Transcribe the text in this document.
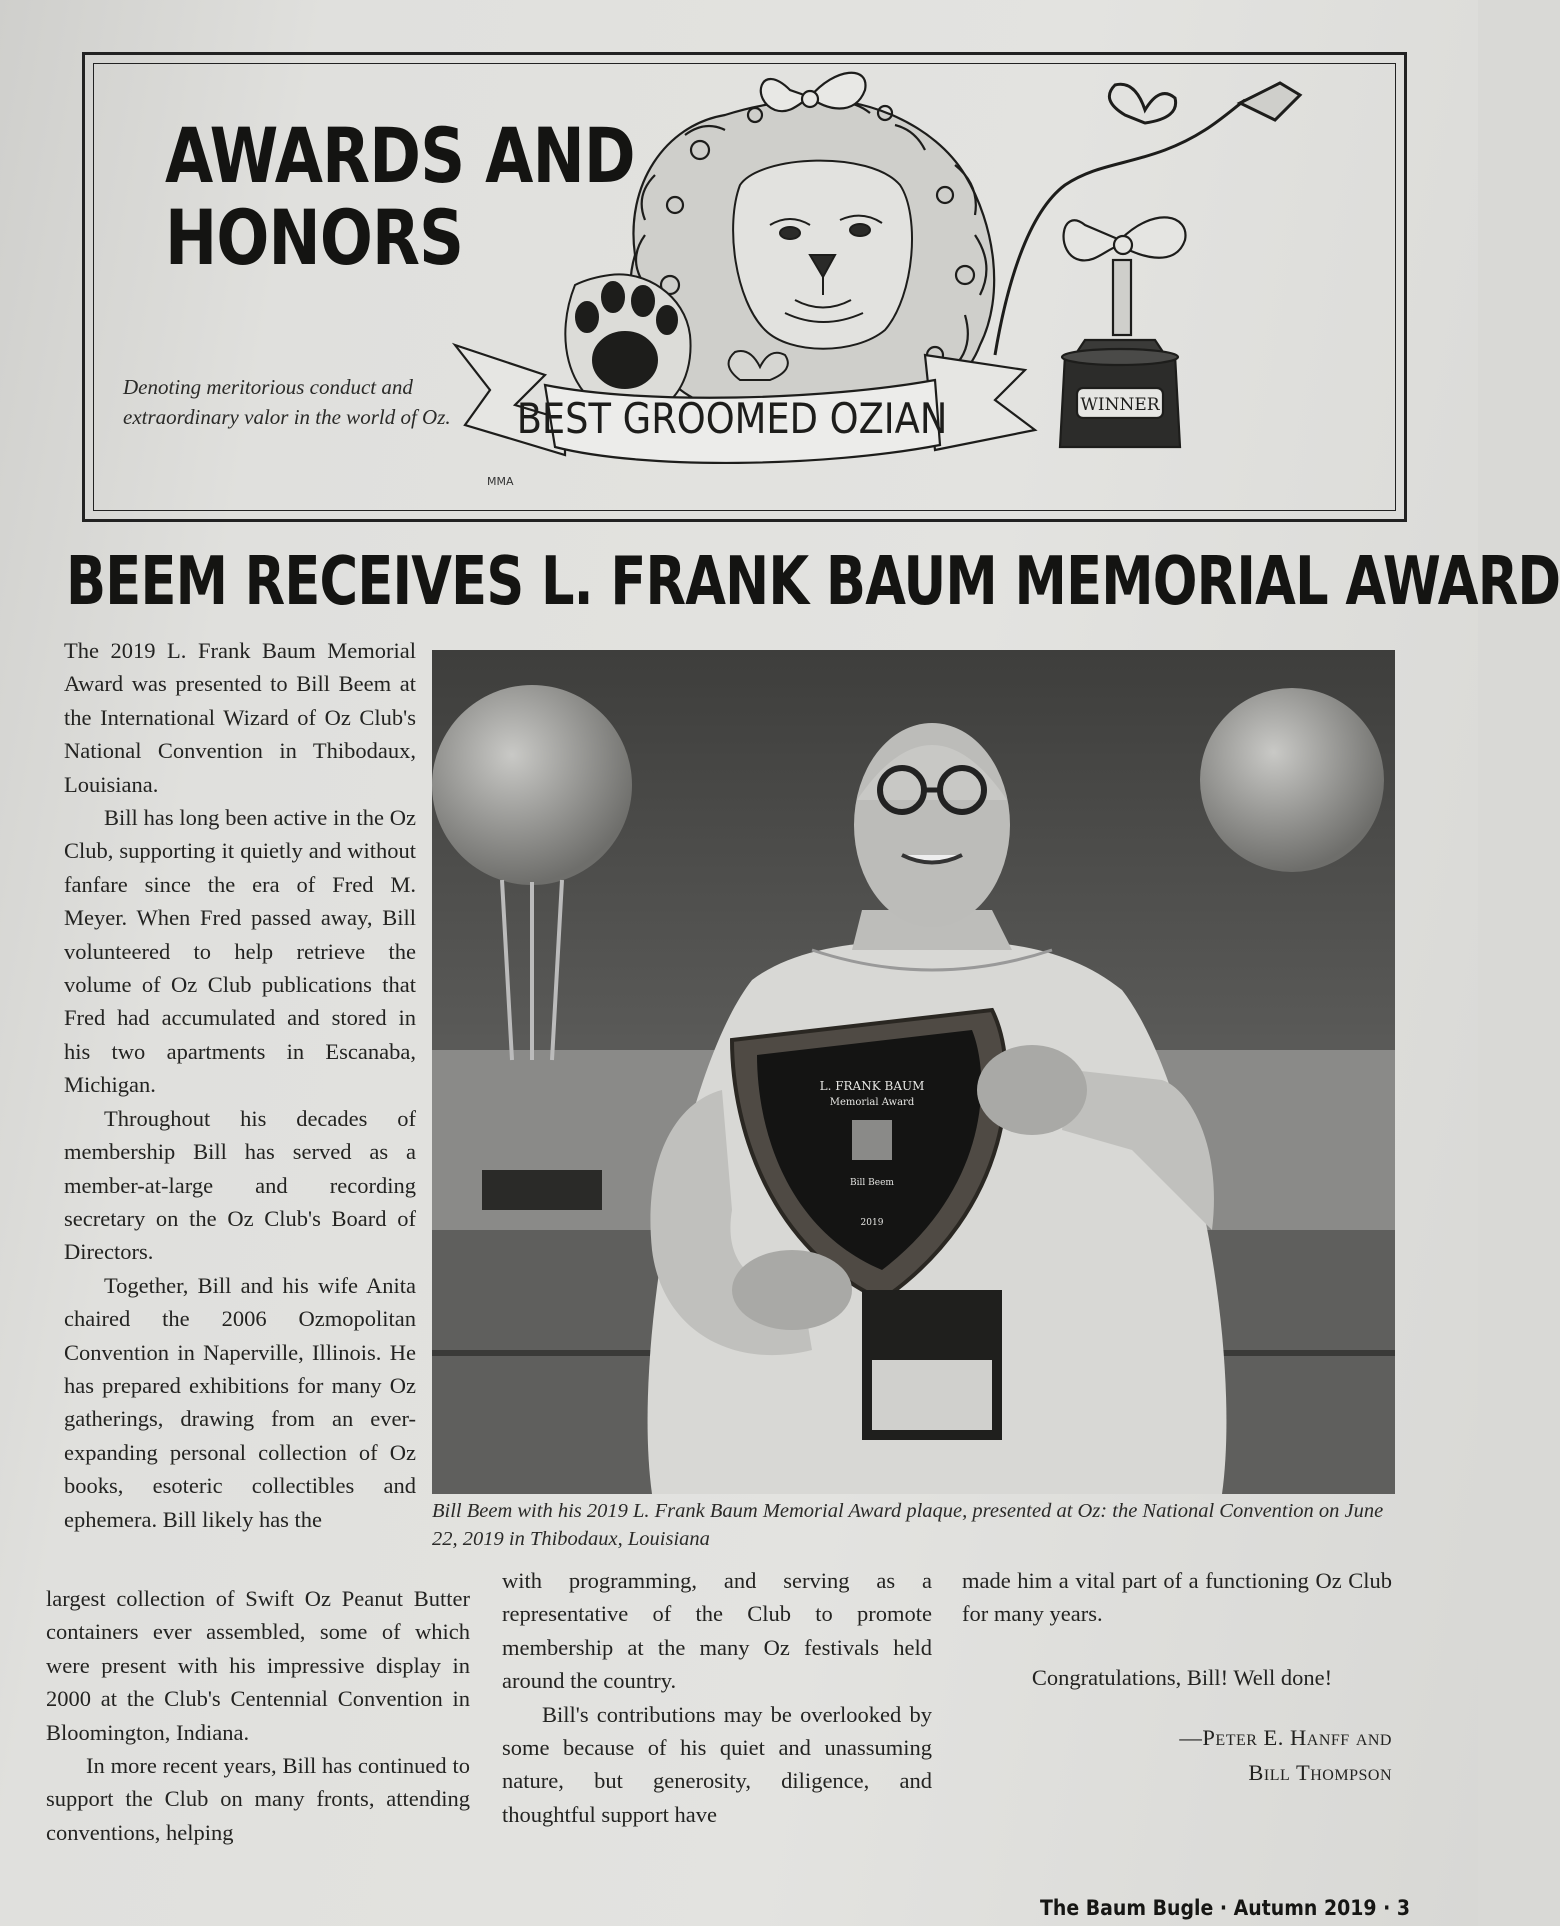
AWARDS AND
HONORS
Denoting meritorious conduct and extraordinary valor in the world of Oz.	WINNER
BEST GROOMED OZIAN
MMA
BEEM RECEIVES L. FRANK BAUM MEMORIAL AWARD

The 2019 L. Frank Baum Memorial Award was presented to Bill Beem at the International Wizard of Oz Club's National Convention in Thibodaux, Louisiana.

Bill has long been active in the Oz Club, supporting it quietly and without fanfare since the era of Fred M. Meyer. When Fred passed away, Bill volunteered to help retrieve the volume of Oz Club publications that Fred had accumulated and stored in his two apartments in Escanaba, Michigan.

Throughout his decades of membership Bill has served as a member-at-large and recording secretary on the Oz Club's Board of Directors.

Together, Bill and his wife Anita chaired the 2006 Ozmopolitan Convention in Naperville, Illinois. He has prepared exhibitions for many Oz gatherings, drawing from an ever-expanding personal collection of Oz books, esoteric collectibles and ephemera. Bill likely has the

L. FRANK BAUM
Memorial Award
Bill Beem
2019
Bill Beem with his 2019 L. Frank Baum Memorial Award plaque, presented at Oz: the National Convention on June 22, 2019 in Thibodaux, Louisiana

largest collection of Swift Oz Peanut Butter containers ever assembled, some of which were present with his impressive display in 2000 at the Club's Centennial Convention in Bloomington, Indiana.

In more recent years, Bill has continued to support the Club on many fronts, attending conventions, helping

with programming, and serving as a representative of the Club to promote membership at the many Oz festivals held around the country.

Bill's contributions may be overlooked by some because of his quiet and unassuming nature, but generosity, diligence, and thoughtful support have

made him a vital part of a functioning Oz Club for many years.

Congratulations, Bill! Well done!

—Peter E. Hanff and
Bill Thompson

The Baum Bugle · Autumn 2019 · 3
